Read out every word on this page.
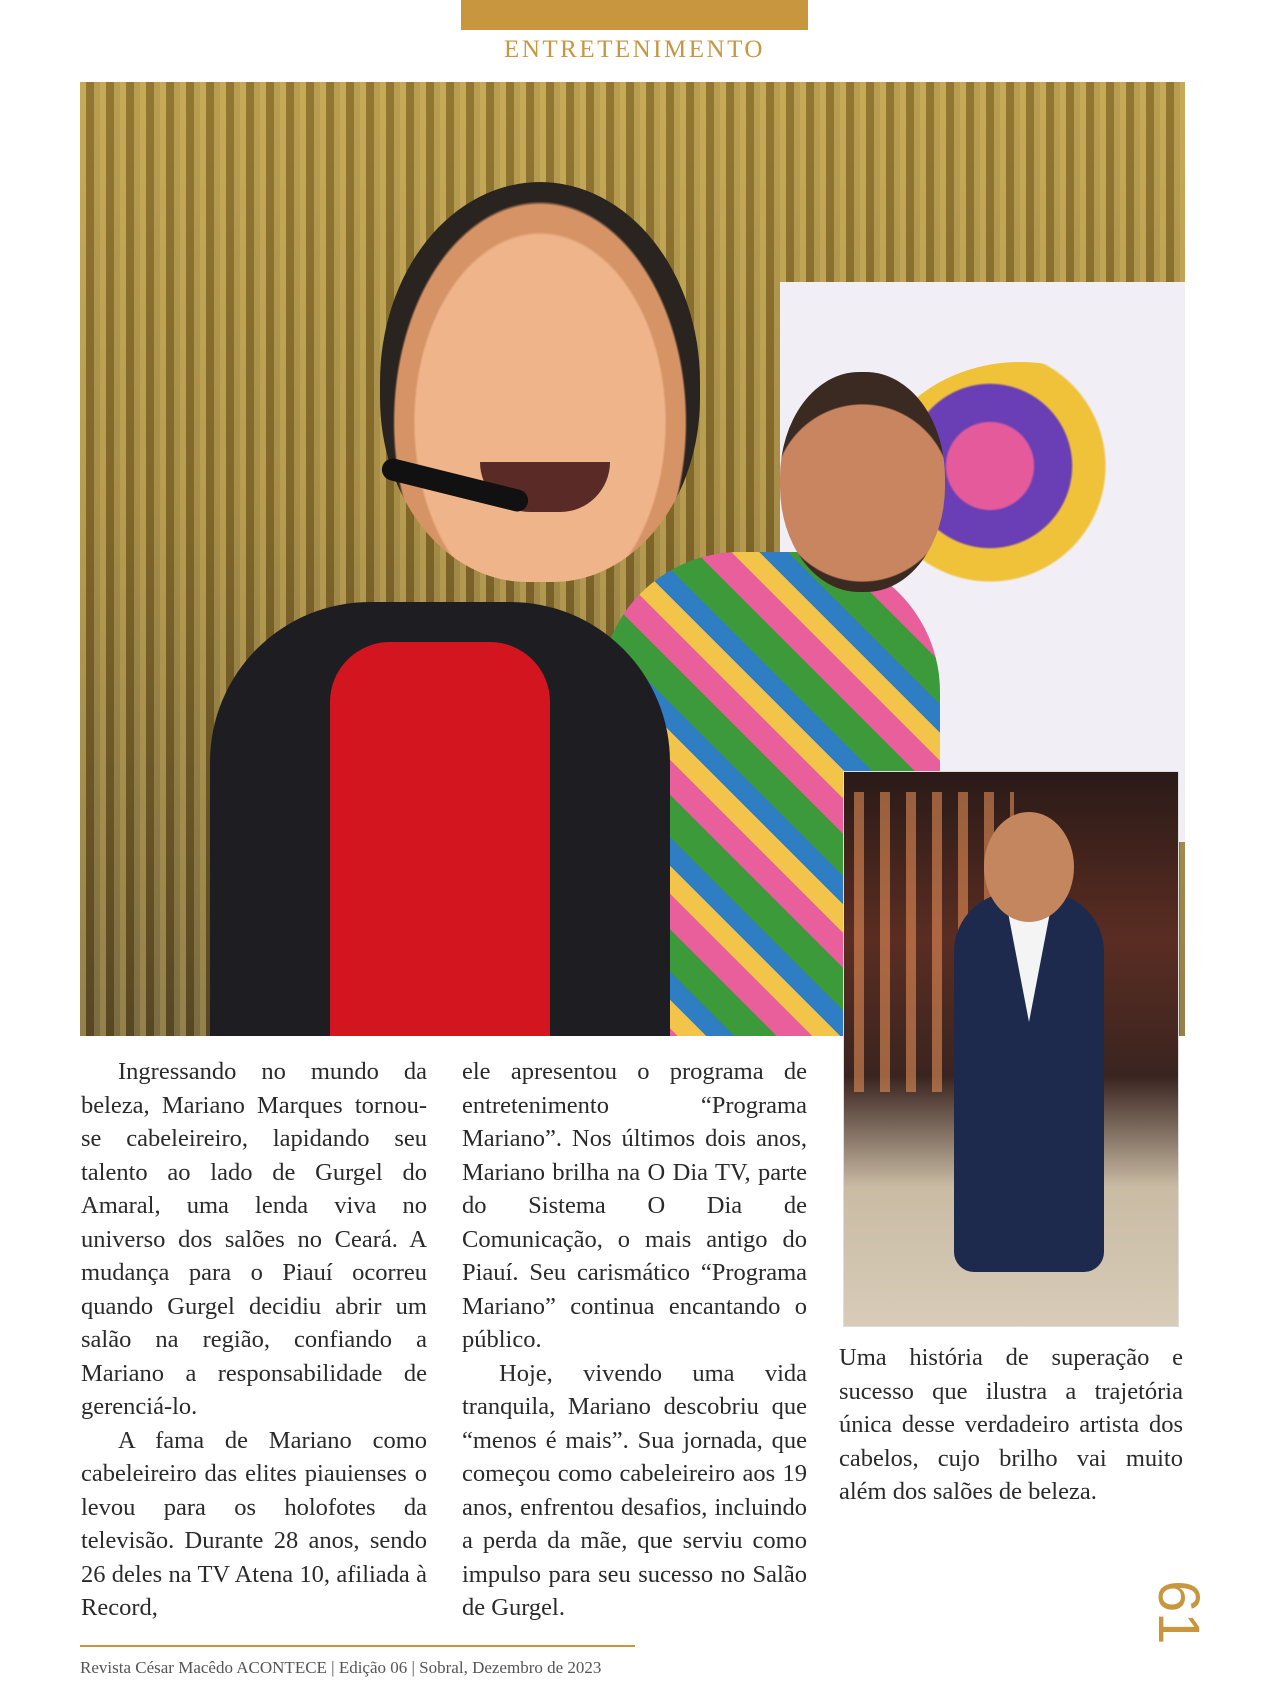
ENTRETENIMENTO

Ingressando no mundo da beleza, Mariano Marques tornou-se cabeleireiro, lapidando seu talento ao lado de Gurgel do Amaral, uma lenda viva no universo dos salões no Ceará. A mudança para o Piauí ocorreu quando Gurgel decidiu abrir um salão na região, confiando a Mariano a responsabilidade de gerenciá-lo.

A fama de Mariano como cabeleireiro das elites piauienses o levou para os holofotes da televisão. Durante 28 anos, sendo 26 deles na TV Atena 10, afiliada à Record,

ele apresentou o programa de entretenimento “Programa Mariano”. Nos últimos dois anos, Mariano brilha na O Dia TV, parte do Sistema O Dia de Comunicação, o mais antigo do Piauí. Seu carismático “Programa Mariano” continua encantando o público.

Hoje, vivendo uma vida tranquila, Mariano descobriu que “menos é mais”. Sua jornada, que começou como cabeleireiro aos 19 anos, enfrentou desafios, incluindo a perda da mãe, que serviu como impulso para seu sucesso no Salão de Gurgel.

Uma história de superação e sucesso que ilustra a trajetória única desse verdadeiro artista dos cabelos, cujo brilho vai muito além dos salões de beleza.

Revista César Macêdo ACONTECE | Edição 06 | Sobral, Dezembro de 2023
61
